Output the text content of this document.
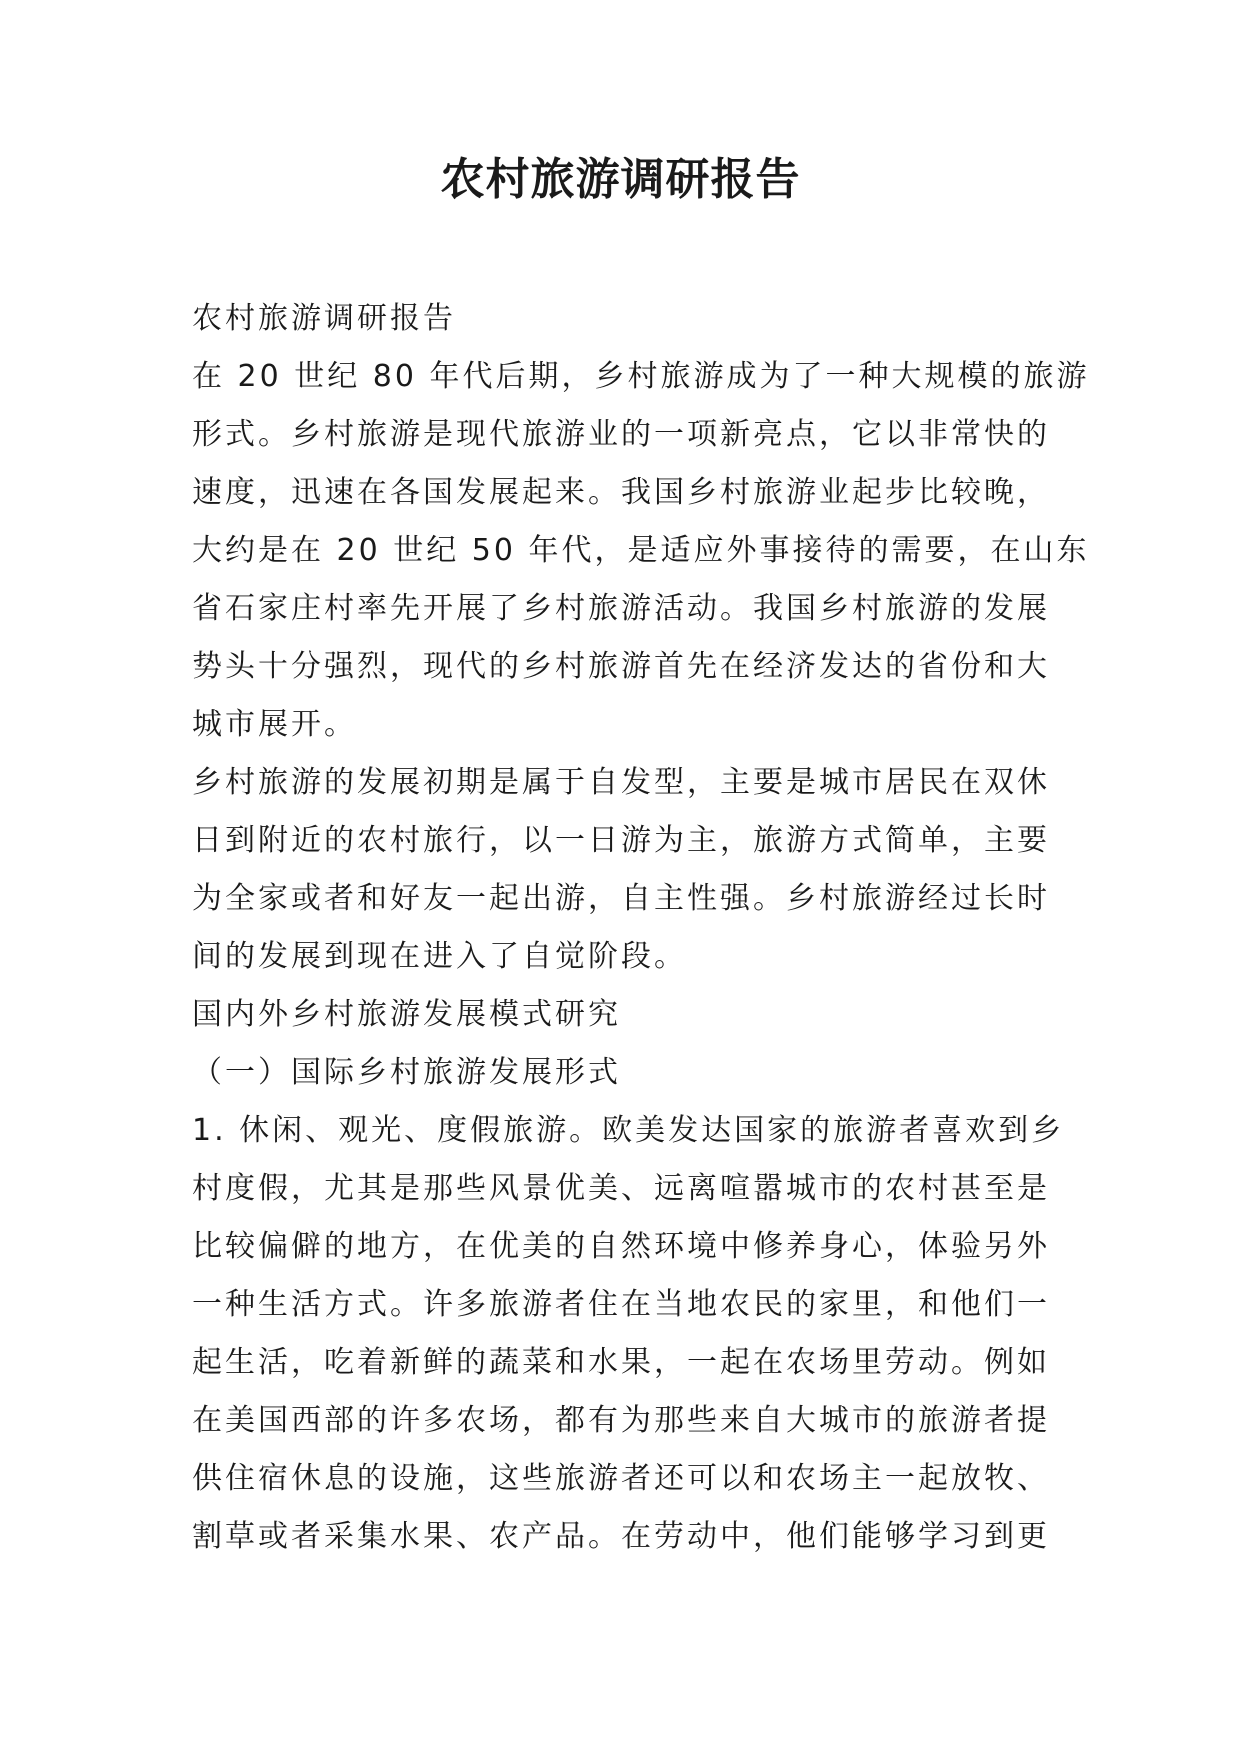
农村旅游调研报告
农村旅游调研报告
在 20 世纪 80 年代后期，乡村旅游成为了一种大规模的旅游
形式。乡村旅游是现代旅游业的一项新亮点，它以非常快的
速度，迅速在各国发展起来。我国乡村旅游业起步比较晚，
大约是在 20 世纪 50 年代，是适应外事接待的需要，在山东
省石家庄村率先开展了乡村旅游活动。我国乡村旅游的发展
势头十分强烈，现代的乡村旅游首先在经济发达的省份和大
城市展开。
乡村旅游的发展初期是属于自发型，主要是城市居民在双休
日到附近的农村旅行，以一日游为主，旅游方式简单，主要
为全家或者和好友一起出游，自主性强。乡村旅游经过长时
间的发展到现在进入了自觉阶段。
国内外乡村旅游发展模式研究
（一）国际乡村旅游发展形式
1. 休闲、观光、度假旅游。欧美发达国家的旅游者喜欢到乡
村度假，尤其是那些风景优美、远离喧嚣城市的农村甚至是
比较偏僻的地方，在优美的自然环境中修养身心，体验另外
一种生活方式。许多旅游者住在当地农民的家里，和他们一
起生活，吃着新鲜的蔬菜和水果，一起在农场里劳动。例如
在美国西部的许多农场，都有为那些来自大城市的旅游者提
供住宿休息的设施，这些旅游者还可以和农场主一起放牧、
割草或者采集水果、农产品。在劳动中，他们能够学习到更
